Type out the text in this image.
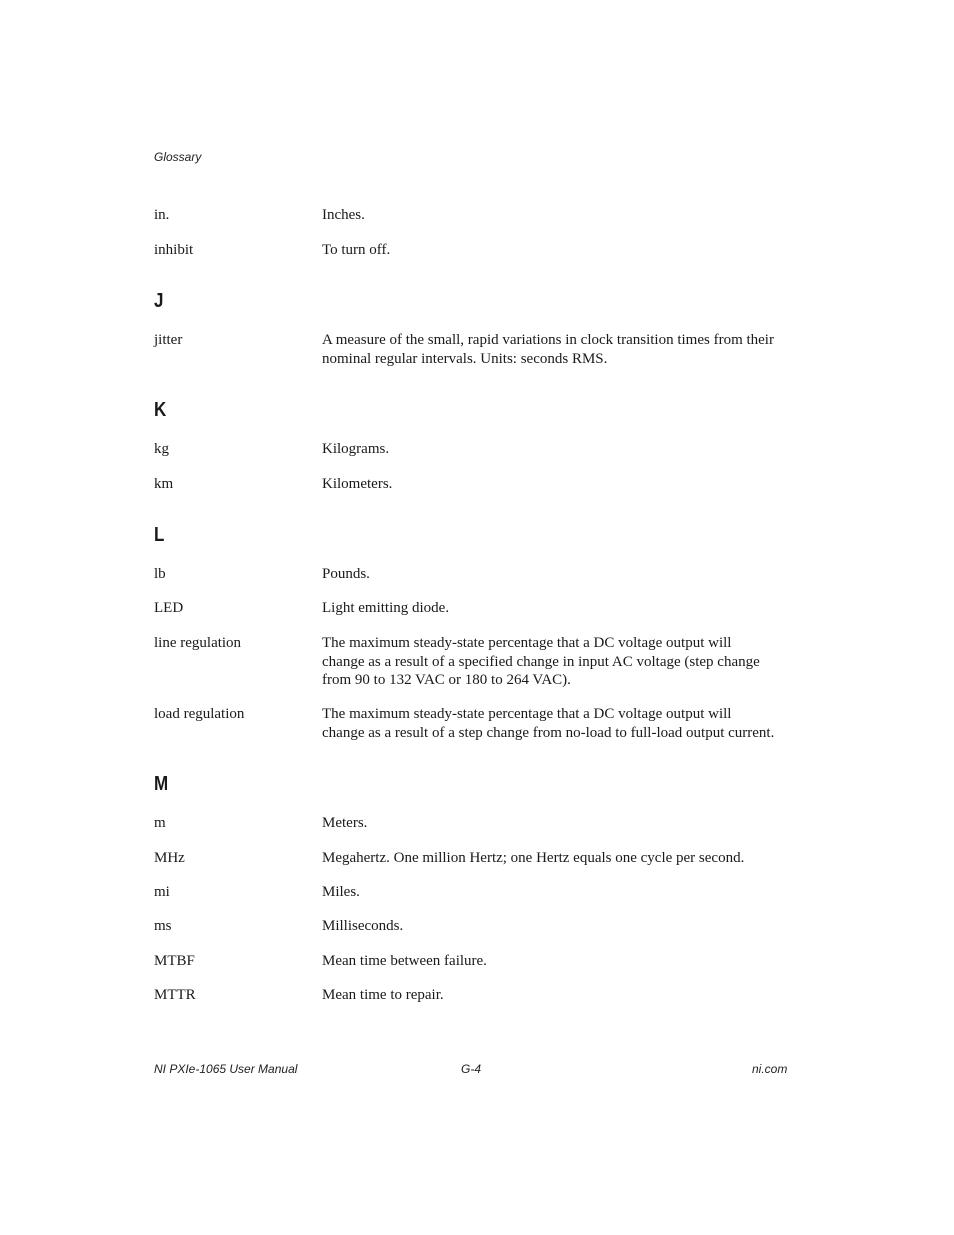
Glossary
in.	Inches.
inhibit	To turn off.
J
jitter	A measure of the small, rapid variations in clock transition times from their
nominal regular intervals. Units: seconds RMS.
K
kg	Kilograms.
km	Kilometers.
L
lb	Pounds.
LED	Light emitting diode.
line regulation	The maximum steady-state percentage that a DC voltage output will
change as a result of a specified change in input AC voltage (step change
from 90 to 132 VAC or 180 to 264 VAC).
load regulation	The maximum steady-state percentage that a DC voltage output will
change as a result of a step change from no-load to full-load output current.
M
m	Meters.
MHz	Megahertz. One million Hertz; one Hertz equals one cycle per second.
mi	Miles.
ms	Milliseconds.
MTBF	Mean time between failure.
MTTR	Mean time to repair.
NI PXIe-1065 User Manual	G-4	ni.com
